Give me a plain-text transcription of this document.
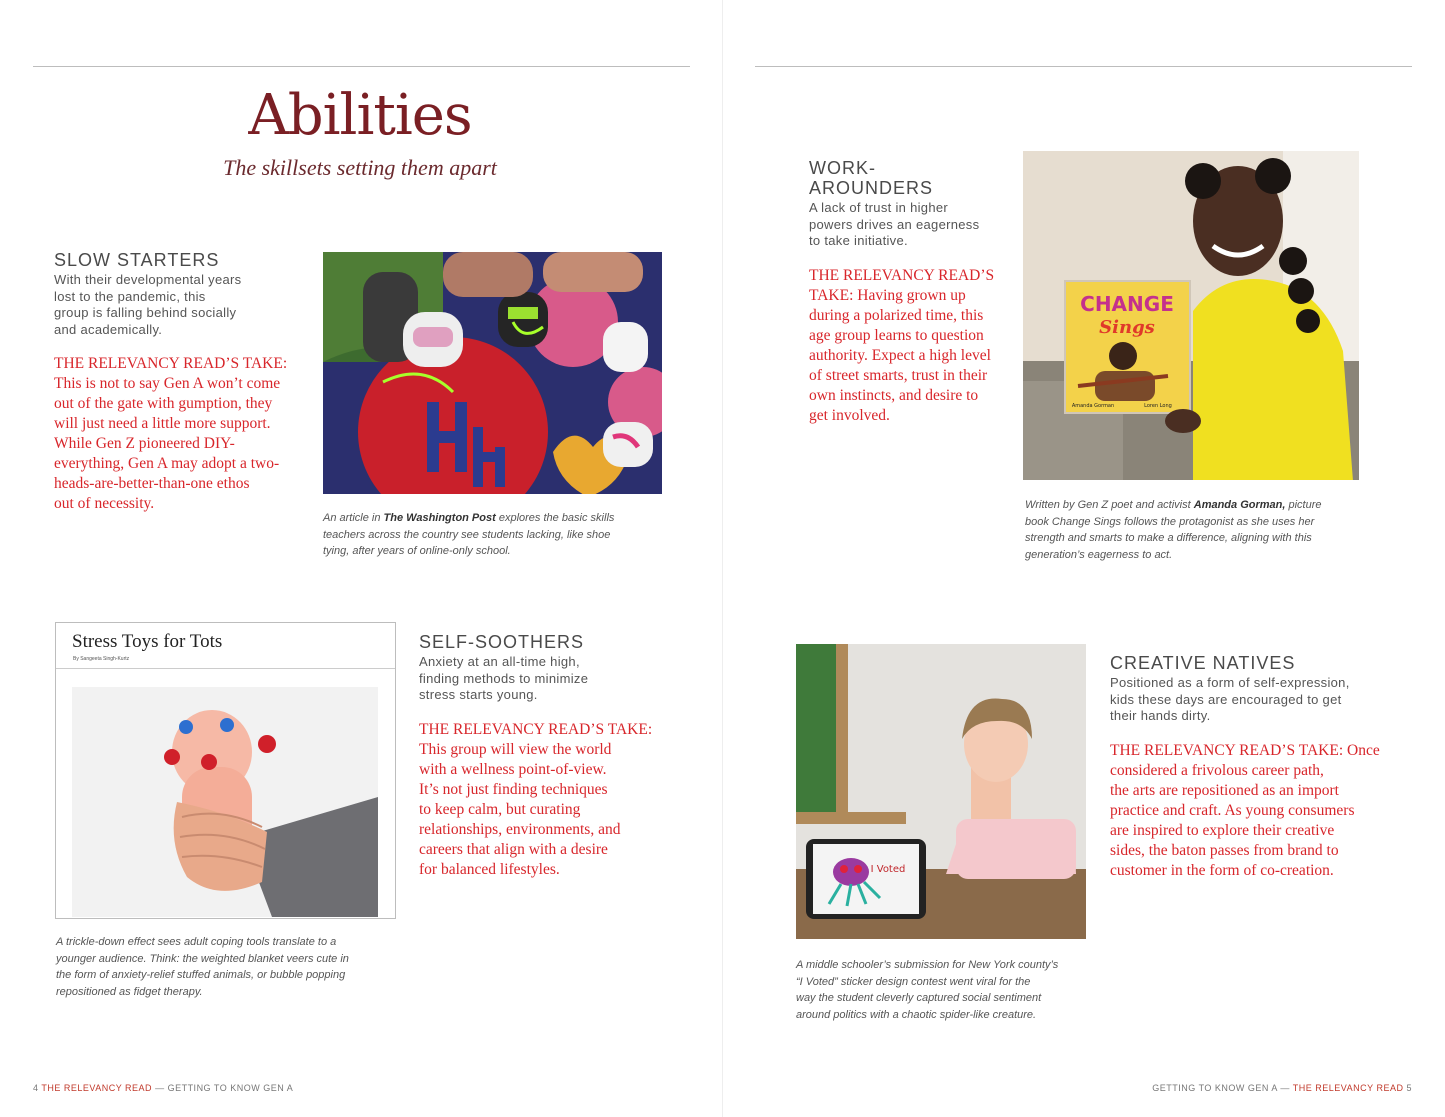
Abilities
The skillsets setting them apart
SLOW STARTERS
With their developmental years
lost to the pandemic, this
group is falling behind socially
and academically.
THE RELEVANCY READ’S TAKE:
This is not to say Gen A won’t come
out of the gate with gumption, they
will just need a little more support.
While Gen Z pioneered DIY-
everything, Gen A may adopt a two-
heads-are-better-than-one ethos
out of necessity.
An article in The Washington Post explores the basic skills
teachers across the country see students lacking, like shoe
tying, after years of online-only school.
Stress Toys for Tots
By Sangeeta Singh-Kurtz
SELF-SOOTHERS
Anxiety at an all-time high,
finding methods to minimize
stress starts young.
THE RELEVANCY READ’S TAKE:
This group will view the world
with a wellness point-of-view.
It’s not just finding techniques
to keep calm, but curating
relationships, environments, and
careers that align with a desire
for balanced lifestyles.
A trickle-down effect sees adult coping tools translate to a
younger audience. Think: the weighted blanket veers cute in
the form of anxiety-relief stuffed animals, or bubble popping
repositioned as fidget therapy.
WORK-
AROUNDERS
A lack of trust in higher
powers drives an eagerness
to take initiative.
THE RELEVANCY READ’S
TAKE: Having grown up
during a polarized time, this
age group learns to question
authority. Expect a high level
of street smarts, trust in their
own instincts, and desire to
get involved.
CHANGE
Sings
Amanda Gorman	Loren Long
Written by Gen Z poet and activist Amanda Gorman, picture
book Change Sings follows the protagonist as she uses her
strength and smarts to make a difference, aligning with this
generation’s eagerness to act.
I Voted
CREATIVE NATIVES
Positioned as a form of self-expression,
kids these days are encouraged to get
their hands dirty.
THE RELEVANCY READ’S TAKE: Once
considered a frivolous career path,
the arts are repositioned as an import
practice and craft. As young consumers
are inspired to explore their creative
sides, the baton passes from brand to
customer in the form of co-creation.
A middle schooler’s submission for New York county’s
“I Voted” sticker design contest went viral for the
way the student cleverly captured social sentiment
around politics with a chaotic spider-like creature.
4 THE RELEVANCY READ — GETTING TO KNOW GEN A	GETTING TO KNOW GEN A — THE RELEVANCY READ 5
